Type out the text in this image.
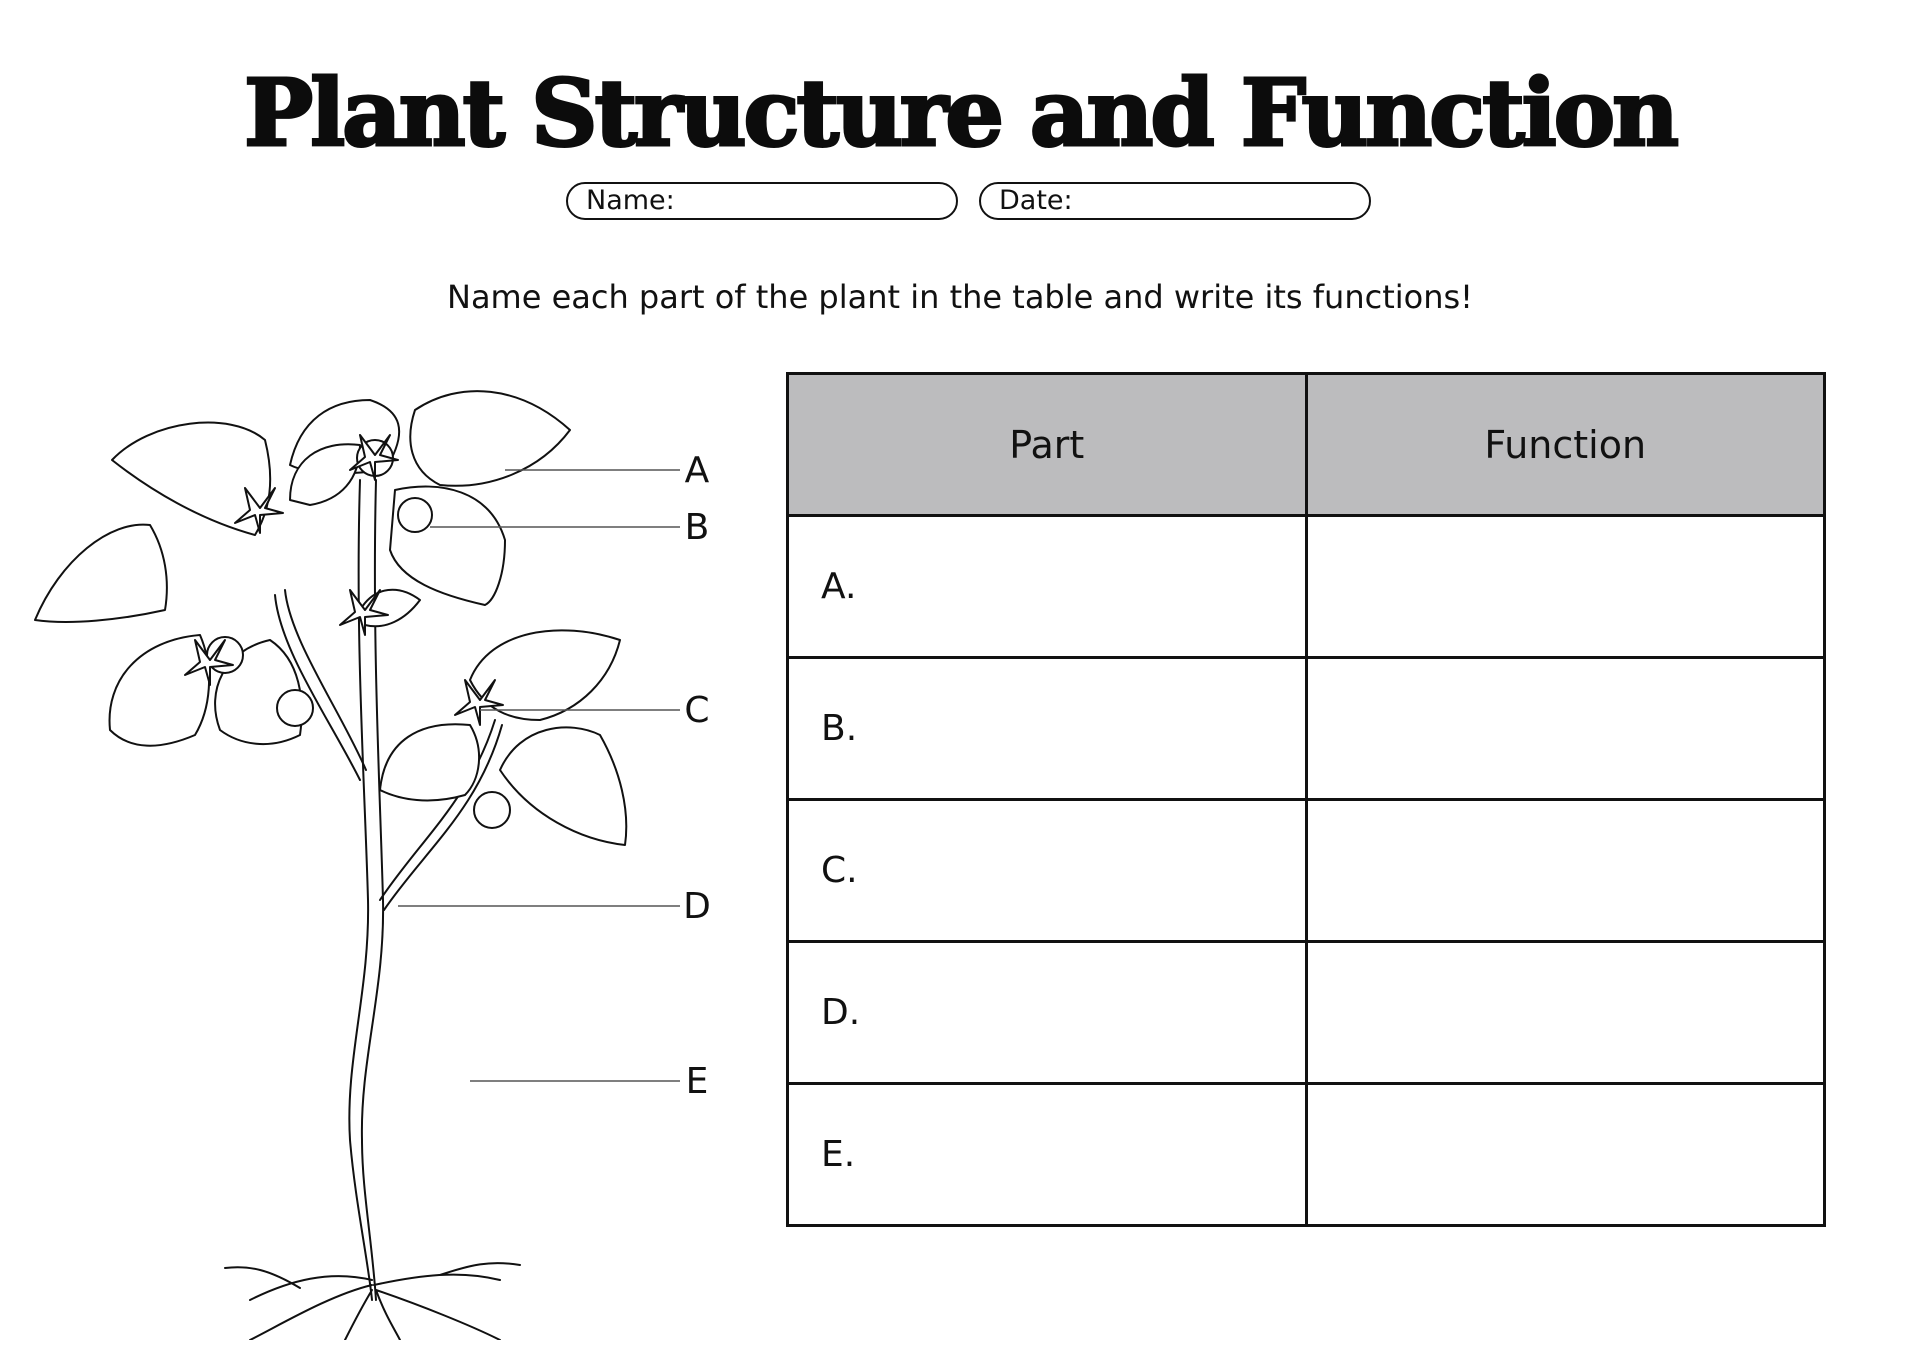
Plant Structure and Function
Name:	Date:
Name each part of the plant in the table and write its functions!
A
B
C
D
E
Part	Function
A.	
B.	
C.	
D.	
E.	
